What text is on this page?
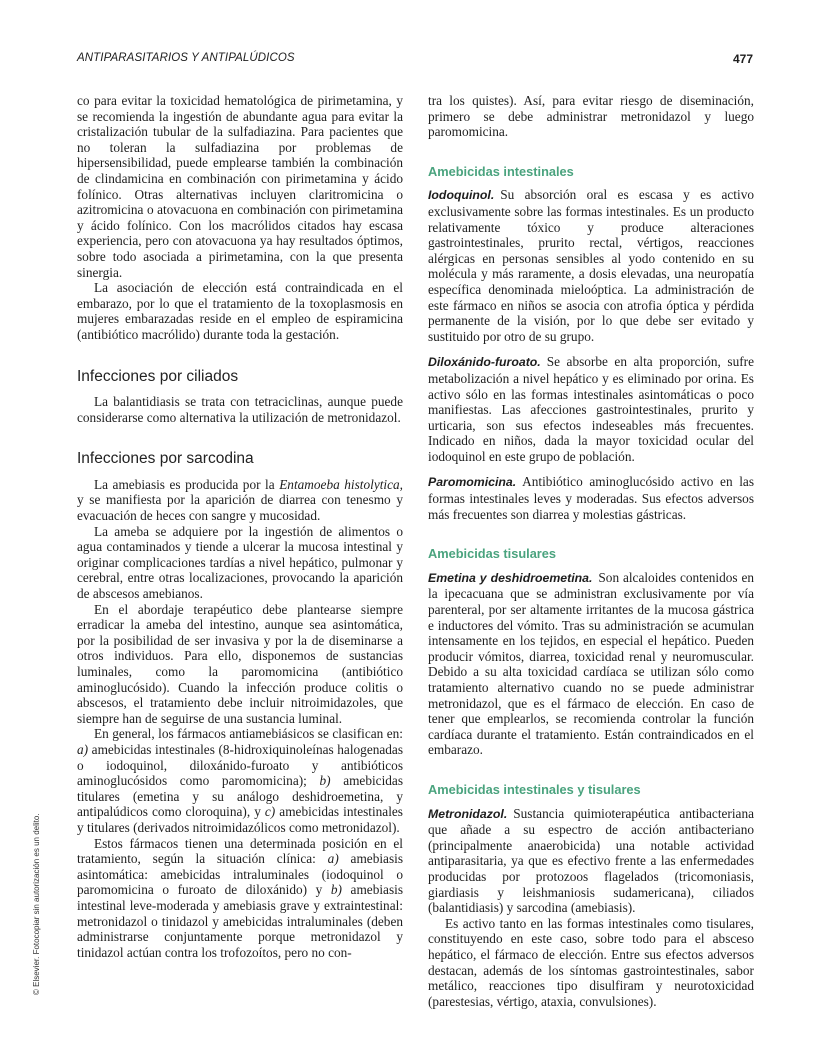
ANTIPARASITARIOS Y ANTIPALÚDICOS	477
© Elsevier. Fotocopiar sin autorización es un delito.

co para evitar la toxicidad hematológica de pirimetamina, y se recomienda la ingestión de abundante agua para evitar la cristalización tubular de la sulfadiazina. Para pacientes que no toleran la sulfadiazina por problemas de hipersensibilidad, puede emplearse también la combinación de clindamicina en combinación con pirimetamina y ácido folínico. Otras alternativas incluyen claritromicina o azitromicina o atovacuona en combinación con pirimetamina y ácido folínico. Con los macrólidos citados hay escasa experiencia, pero con atovacuona ya hay resultados óptimos, sobre todo asociada a pirimetamina, con la que presenta sinergia.

La asociación de elección está contraindicada en el embarazo, por lo que el tratamiento de la toxoplasmosis en mujeres embarazadas reside en el empleo de espiramicina (antibiótico macrólido) durante toda la gestación.

Infecciones por ciliados

La balantidiasis se trata con tetraciclinas, aunque puede considerarse como alternativa la utilización de metronidazol.

Infecciones por sarcodina

La amebiasis es producida por la Entamoeba histolytica, y se manifiesta por la aparición de diarrea con tenesmo y evacuación de heces con sangre y mucosidad.

La ameba se adquiere por la ingestión de alimentos o agua contaminados y tiende a ulcerar la mucosa intestinal y originar complicaciones tardías a nivel hepático, pulmonar y cerebral, entre otras localizaciones, provocando la aparición de abscesos amebianos.

En el abordaje terapéutico debe plantearse siempre erradicar la ameba del intestino, aunque sea asintomática, por la posibilidad de ser invasiva y por la de diseminarse a otros individuos. Para ello, disponemos de sustancias luminales, como la paromomicina (antibiótico aminoglucósido). Cuando la infección produce colitis o abscesos, el tratamiento debe incluir nitroimidazoles, que siempre han de seguirse de una sustancia luminal.

En general, los fármacos antiamebiásicos se clasifican en: a) amebicidas intestinales (8-hidroxiquinoleínas halogenadas o iodoquinol, diloxánido-furoato y antibióticos aminoglucósidos como paromomicina); b) amebicidas titulares (emetina y su análogo deshidroemetina, y antipalúdicos como cloroquina), y c) amebicidas intestinales y titulares (derivados nitroimidazólicos como metronidazol).

Estos fármacos tienen una determinada posición en el tratamiento, según la situación clínica: a) amebiasis asintomática: amebicidas intraluminales (iodoquinol o paromomicina o furoato de diloxánido) y b) amebiasis intestinal leve-moderada y amebiasis grave y extraintestinal: metronidazol o tinidazol y amebicidas intraluminales (deben administrarse conjuntamente porque metronidazol y tinidazol actúan contra los trofozoítos, pero no con-

tra los quistes). Así, para evitar riesgo de diseminación, primero se debe administrar metronidazol y luego paromomicina.

Amebicidas intestinales

Iodoquinol. Su absorción oral es escasa y es activo exclusivamente sobre las formas intestinales. Es un producto relativamente tóxico y produce alteraciones gastrointestinales, prurito rectal, vértigos, reacciones alérgicas en personas sensibles al yodo contenido en su molécula y más raramente, a dosis elevadas, una neuropatía específica denominada mieloóptica. La administración de este fármaco en niños se asocia con atrofia óptica y pérdida permanente de la visión, por lo que debe ser evitado y sustituido por otro de su grupo.

Diloxánido-furoato. Se absorbe en alta proporción, sufre metabolización a nivel hepático y es eliminado por orina. Es activo sólo en las formas intestinales asintomáticas o poco manifiestas. Las afecciones gastrointestinales, prurito y urticaria, son sus efectos indeseables más frecuentes. Indicado en niños, dada la mayor toxicidad ocular del iodoquinol en este grupo de población.

Paromomicina. Antibiótico aminoglucósido activo en las formas intestinales leves y moderadas. Sus efectos adversos más frecuentes son diarrea y molestias gástricas.

Amebicidas tisulares

Emetina y deshidroemetina. Son alcaloides contenidos en la ipecacuana que se administran exclusivamente por vía parenteral, por ser altamente irritantes de la mucosa gástrica e inductores del vómito. Tras su administración se acumulan intensamente en los tejidos, en especial el hepático. Pueden producir vómitos, diarrea, toxicidad renal y neuromuscular. Debido a su alta toxicidad cardíaca se utilizan sólo como tratamiento alternativo cuando no se puede administrar metronidazol, que es el fármaco de elección. En caso de tener que emplearlos, se recomienda controlar la función cardíaca durante el tratamiento. Están contraindicados en el embarazo.

Amebicidas intestinales y tisulares

Metronidazol. Sustancia quimioterapéutica antibacteriana que añade a su espectro de acción antibacteriano (principalmente anaerobicida) una notable actividad antiparasitaria, ya que es efectivo frente a las enfermedades producidas por protozoos flagelados (tricomoniasis, giardiasis y leishmaniosis sudamericana), ciliados (balantidiasis) y sarcodina (amebiasis).

Es activo tanto en las formas intestinales como tisulares, constituyendo en este caso, sobre todo para el absceso hepático, el fármaco de elección. Entre sus efectos adversos destacan, además de los síntomas gastrointestinales, sabor metálico, reacciones tipo disulfiram y neurotoxicidad (parestesias, vértigo, ataxia, convulsiones).
